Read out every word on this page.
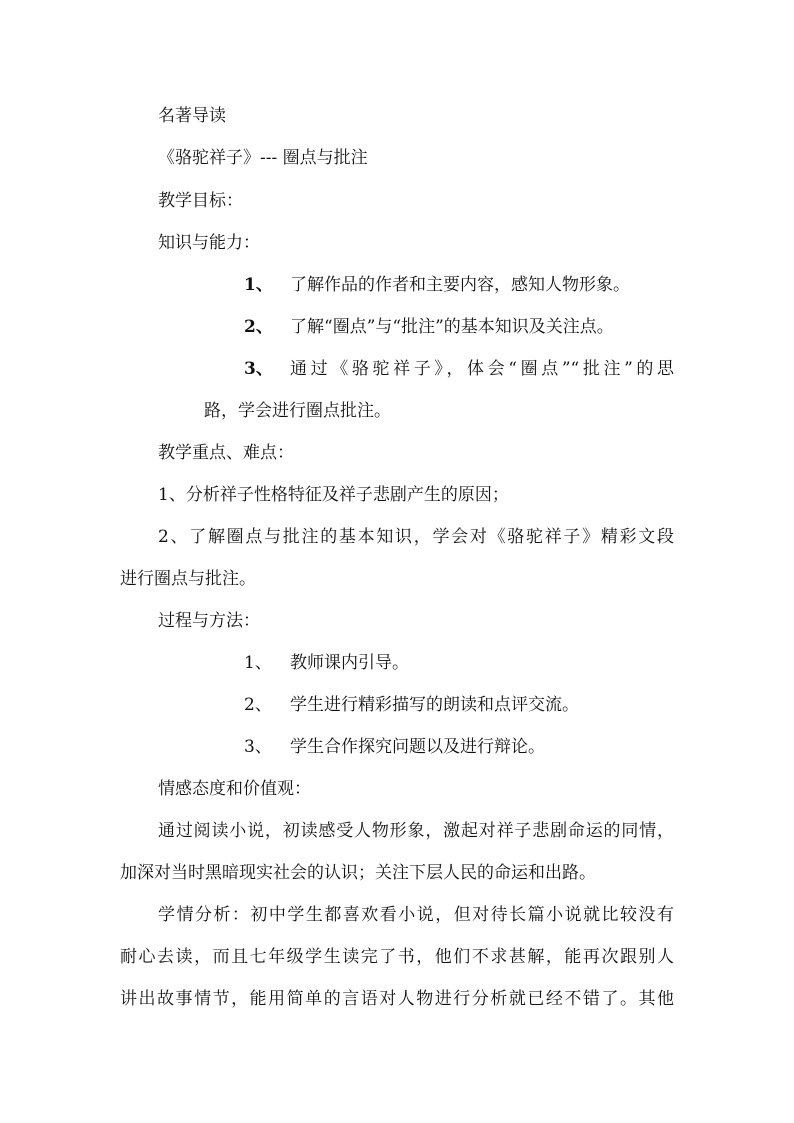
名著导读
《骆驼祥子》--- 圈点与批注
教学目标：
知识与能力：
1、 了解作品的作者和主要内容，感知人物形象。
2、 了解“圈点”与“批注”的基本知识及关注点。
3、 通过《骆驼祥子》，体会“圈点”“批注”的思
路，学会进行圈点批注。
教学重点、难点：
1、分析祥子性格特征及祥子悲剧产生的原因；
2、了解圈点与批注的基本知识，学会对《骆驼祥子》精彩文段
进行圈点与批注。
过程与方法：
1、 教师课内引导。
2、 学生进行精彩描写的朗读和点评交流。
3、 学生合作探究问题以及进行辩论。
情感态度和价值观：
通过阅读小说，初读感受人物形象，激起对祥子悲剧命运的同情，
加深对当时黑暗现实社会的认识；关注下层人民的命运和出路。
学情分析：初中学生都喜欢看小说，但对待长篇小说就比较没有
耐心去读，而且七年级学生读完了书，他们不求甚解，能再次跟别人
讲出故事情节，能用简单的言语对人物进行分析就已经不错了。其他
